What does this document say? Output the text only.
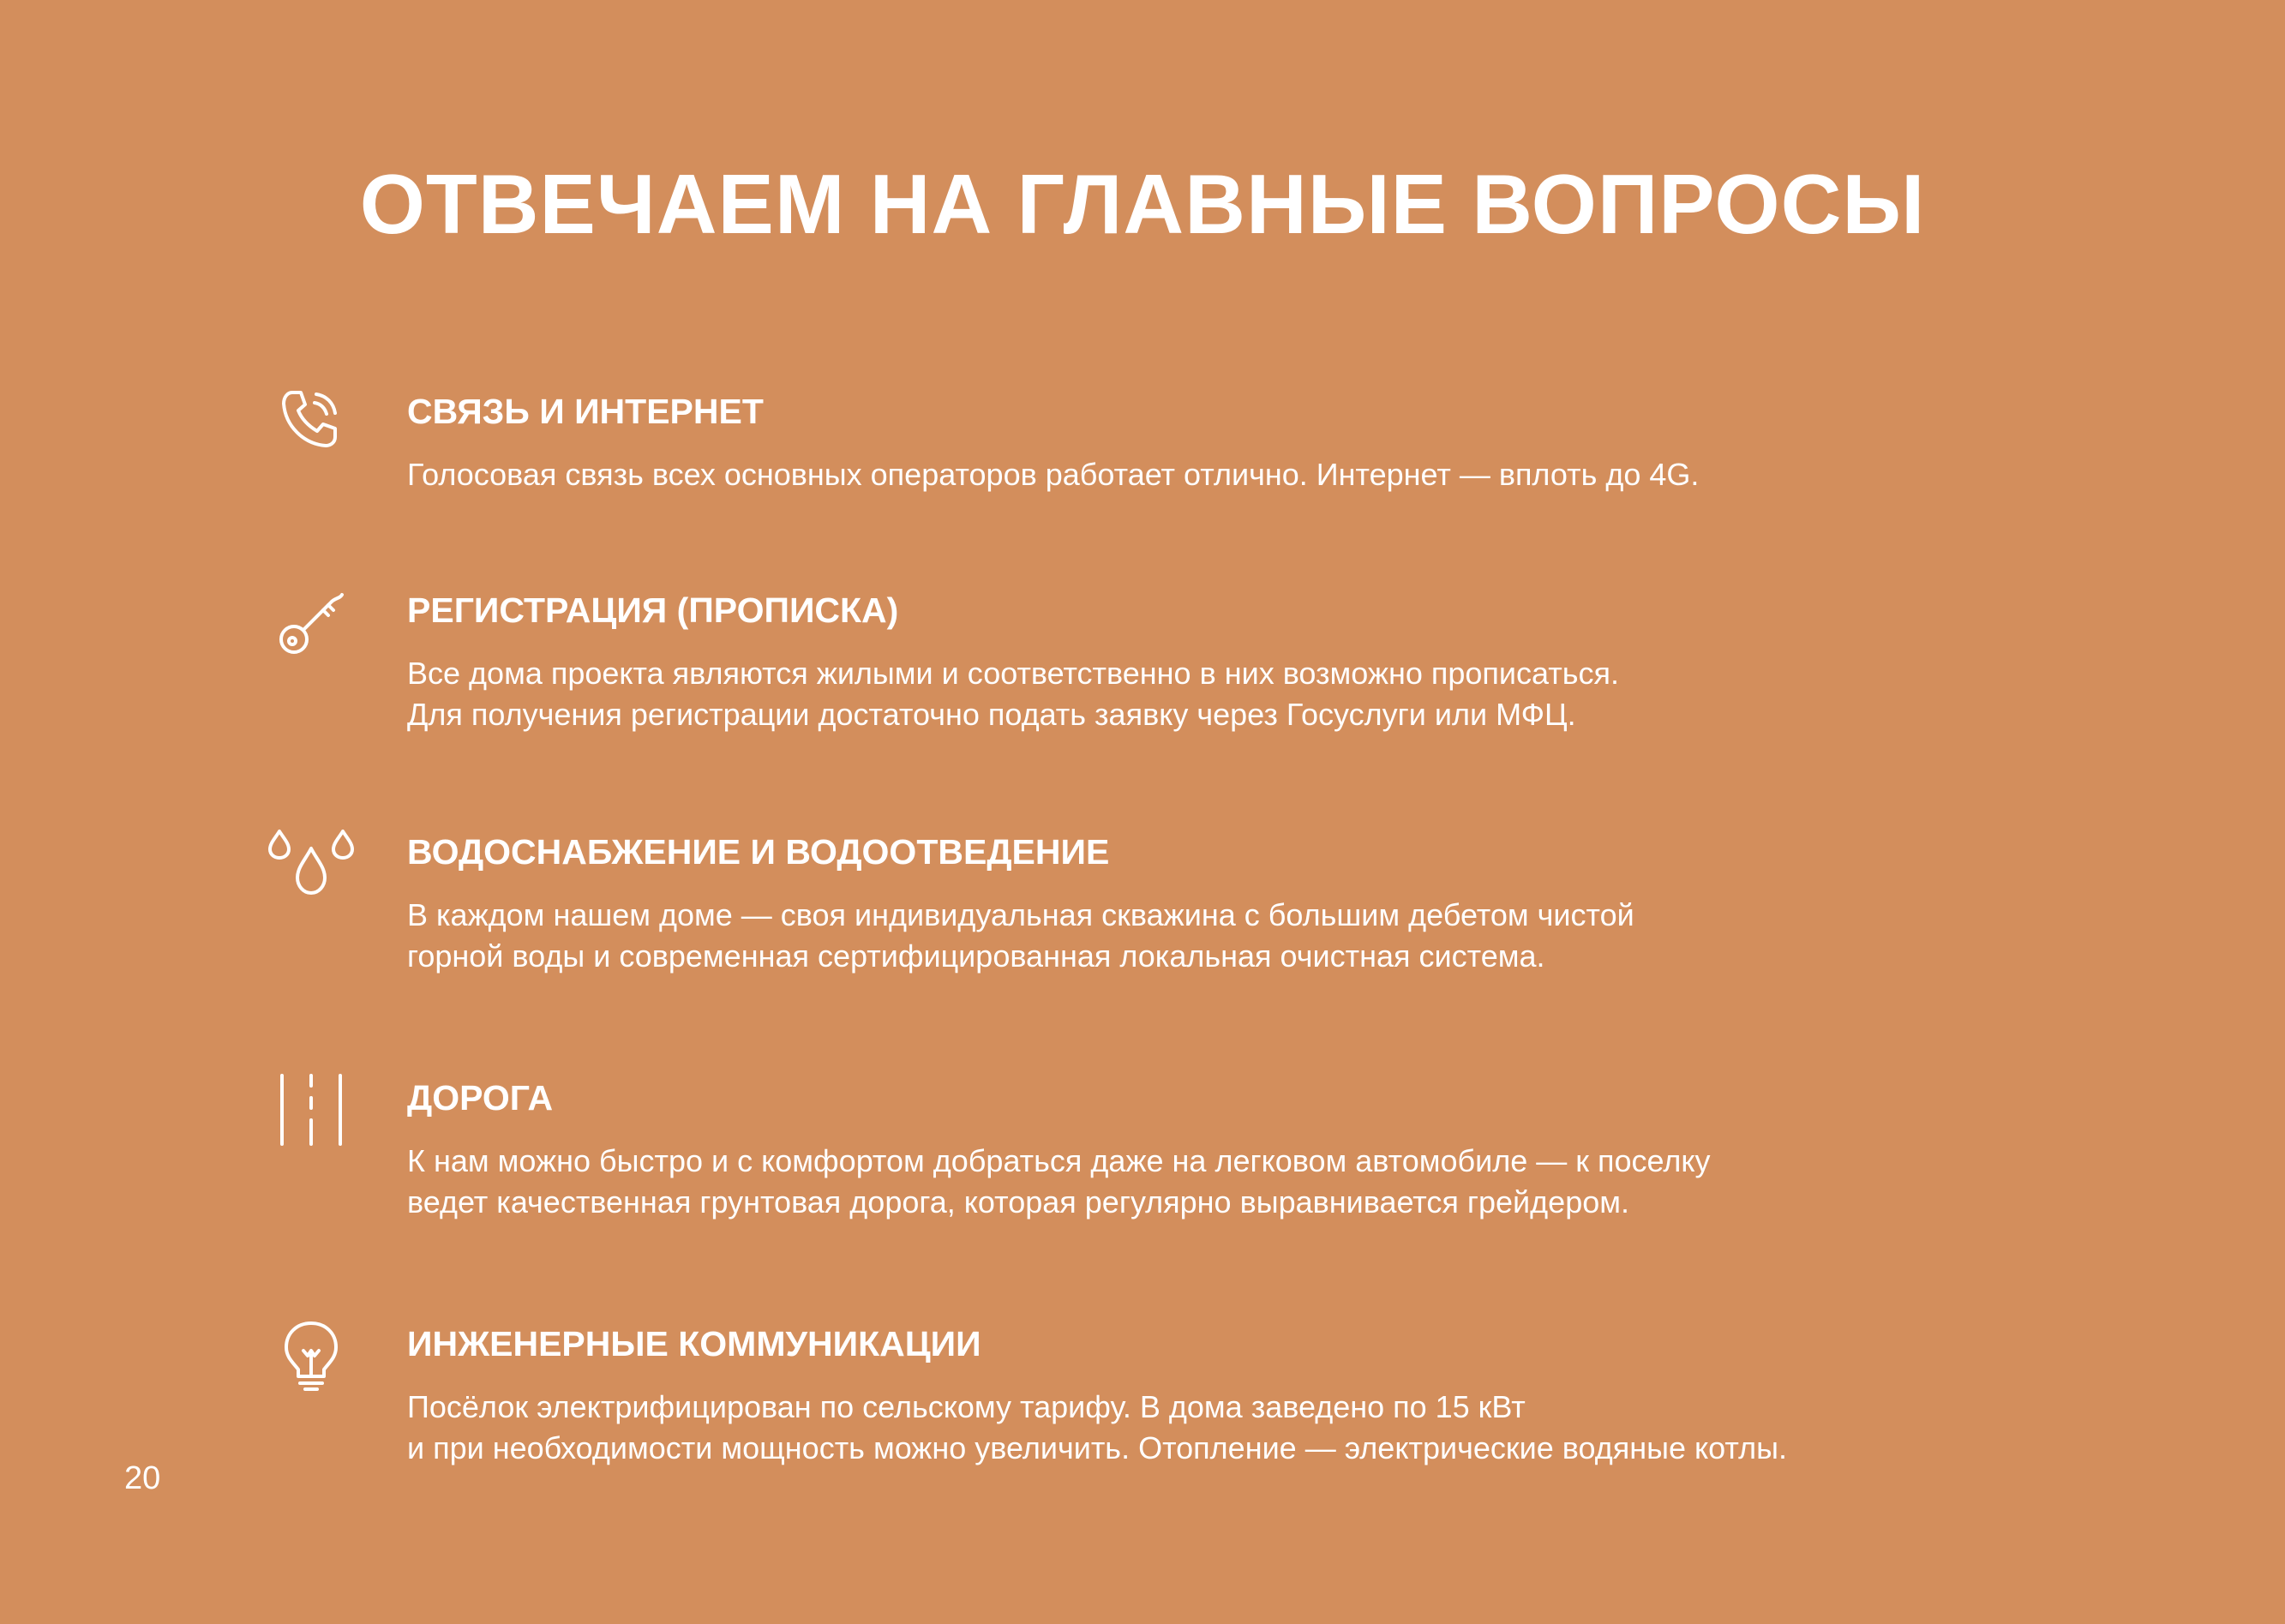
ОТВЕЧАЕМ НА ГЛАВНЫЕ ВОПРОСЫ
СВЯЗЬ И ИНТЕРНЕТ
Голосовая связь всех основных операторов работает отлично. Интернет — вплоть до 4G.
РЕГИСТРАЦИЯ (ПРОПИСКА)
Все дома проекта являются жилыми и соответственно в них возможно прописаться.
Для получения регистрации достаточно подать заявку через Госуслуги или МФЦ.
ВОДОСНАБЖЕНИЕ И ВОДООТВЕДЕНИЕ
В каждом нашем доме — своя индивидуальная скважина с большим дебетом чистой
горной воды и современная сертифицированная локальная очистная система.
ДОРОГА
К нам можно быстро и с комфортом добраться даже на легковом автомобиле — к поселку
ведет качественная грунтовая дорога, которая регулярно выравнивается грейдером.
ИНЖЕНЕРНЫЕ КОММУНИКАЦИИ
Посёлок электрифицирован по сельскому тарифу. В дома заведено по 15 кВт
и при необходимости мощность можно увеличить. Отопление — электрические водяные котлы.
20
